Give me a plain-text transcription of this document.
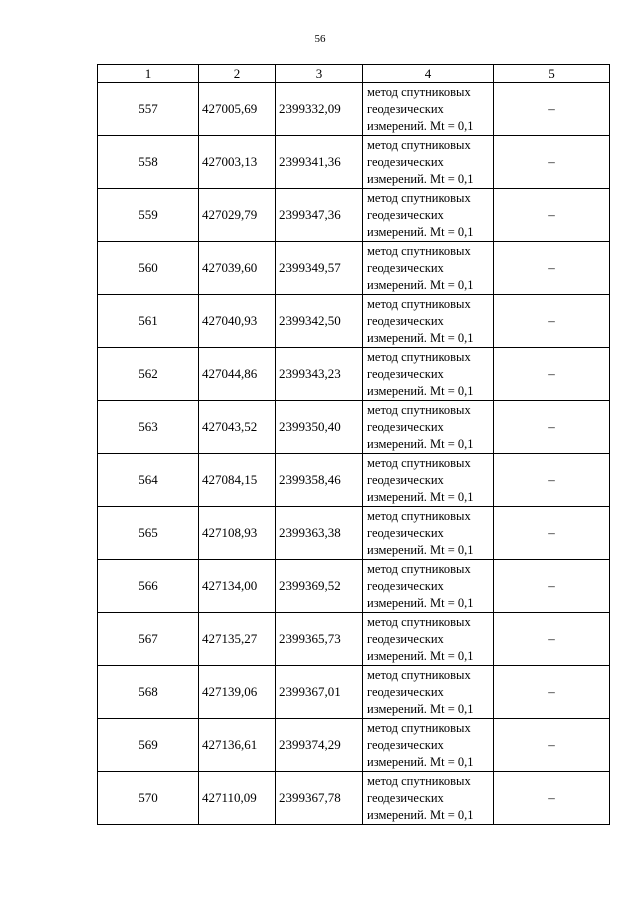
56
1	2	3	4	5
557	427005,69	2399332,09	метод спутниковых
геодезических
измерений. Mt = 0,1	–
558	427003,13	2399341,36	метод спутниковых
геодезических
измерений. Mt = 0,1	–
559	427029,79	2399347,36	метод спутниковых
геодезических
измерений. Mt = 0,1	–
560	427039,60	2399349,57	метод спутниковых
геодезических
измерений. Mt = 0,1	–
561	427040,93	2399342,50	метод спутниковых
геодезических
измерений. Mt = 0,1	–
562	427044,86	2399343,23	метод спутниковых
геодезических
измерений. Mt = 0,1	–
563	427043,52	2399350,40	метод спутниковых
геодезических
измерений. Mt = 0,1	–
564	427084,15	2399358,46	метод спутниковых
геодезических
измерений. Mt = 0,1	–
565	427108,93	2399363,38	метод спутниковых
геодезических
измерений. Mt = 0,1	–
566	427134,00	2399369,52	метод спутниковых
геодезических
измерений. Mt = 0,1	–
567	427135,27	2399365,73	метод спутниковых
геодезических
измерений. Mt = 0,1	–
568	427139,06	2399367,01	метод спутниковых
геодезических
измерений. Mt = 0,1	–
569	427136,61	2399374,29	метод спутниковых
геодезических
измерений. Mt = 0,1	–
570	427110,09	2399367,78	метод спутниковых
геодезических
измерений. Mt = 0,1	–
